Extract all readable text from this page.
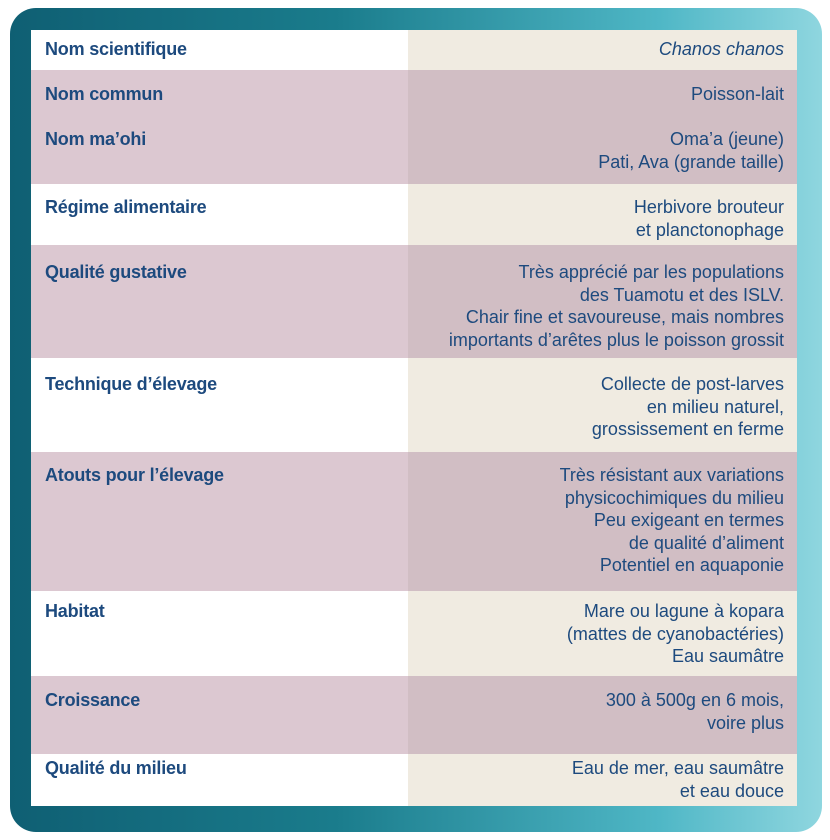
Nom scientifique	Chanos chanos
Nom commun	Poisson-lait
Nom ma’ohi	Oma’a (jeune)
Pati, Ava (grande taille)
Régime alimentaire	Herbivore brouteur
et planctonophage
Qualité gustative	Très apprécié par les populations
des Tuamotu et des ISLV.
Chair fine et savoureuse, mais nombres
importants d’arêtes plus le poisson grossit
Technique d’élevage	Collecte de post-larves
en milieu naturel,
grossissement en ferme
Atouts pour l’élevage	Très résistant aux variations
physicochimiques du milieu
Peu exigeant en termes
de qualité d’aliment
Potentiel en aquaponie
Habitat	Mare ou lagune à kopara
(mattes de cyanobactéries)
Eau saumâtre
Croissance	300 à 500g en 6 mois,
voire plus
Qualité du milieu	Eau de mer, eau saumâtre
et eau douce
